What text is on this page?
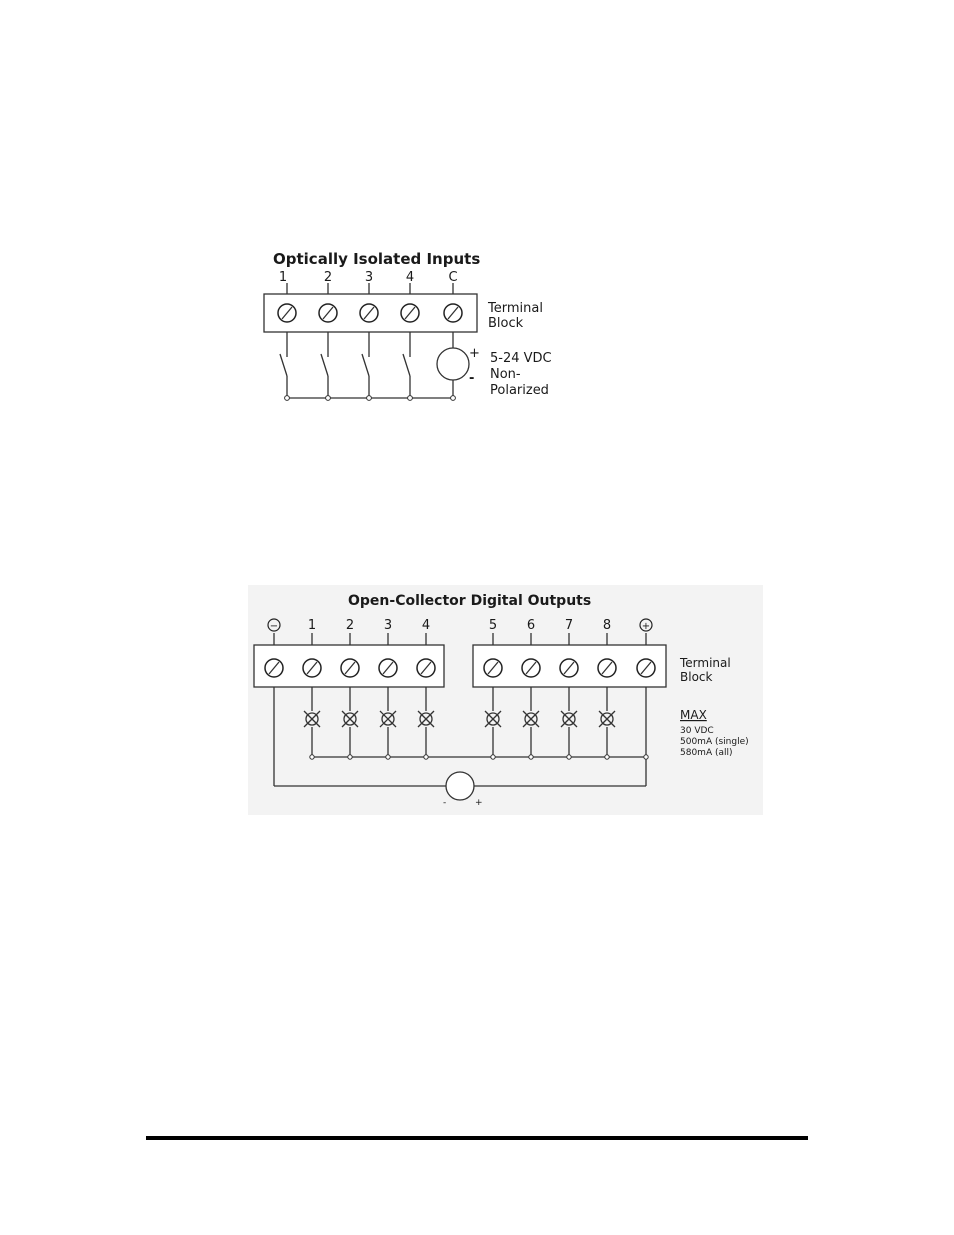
Optically Isolated Inputs
1	2	3	4	C
Terminal
Block
+
-
5-24 VDC
Non-
Polarized
Open-Collector Digital Outputs
− 1 2 3 4	5 6 7 8	+
Terminal
Block
-	+
MAX
30 VDC
500mA (single)
580mA (all)
